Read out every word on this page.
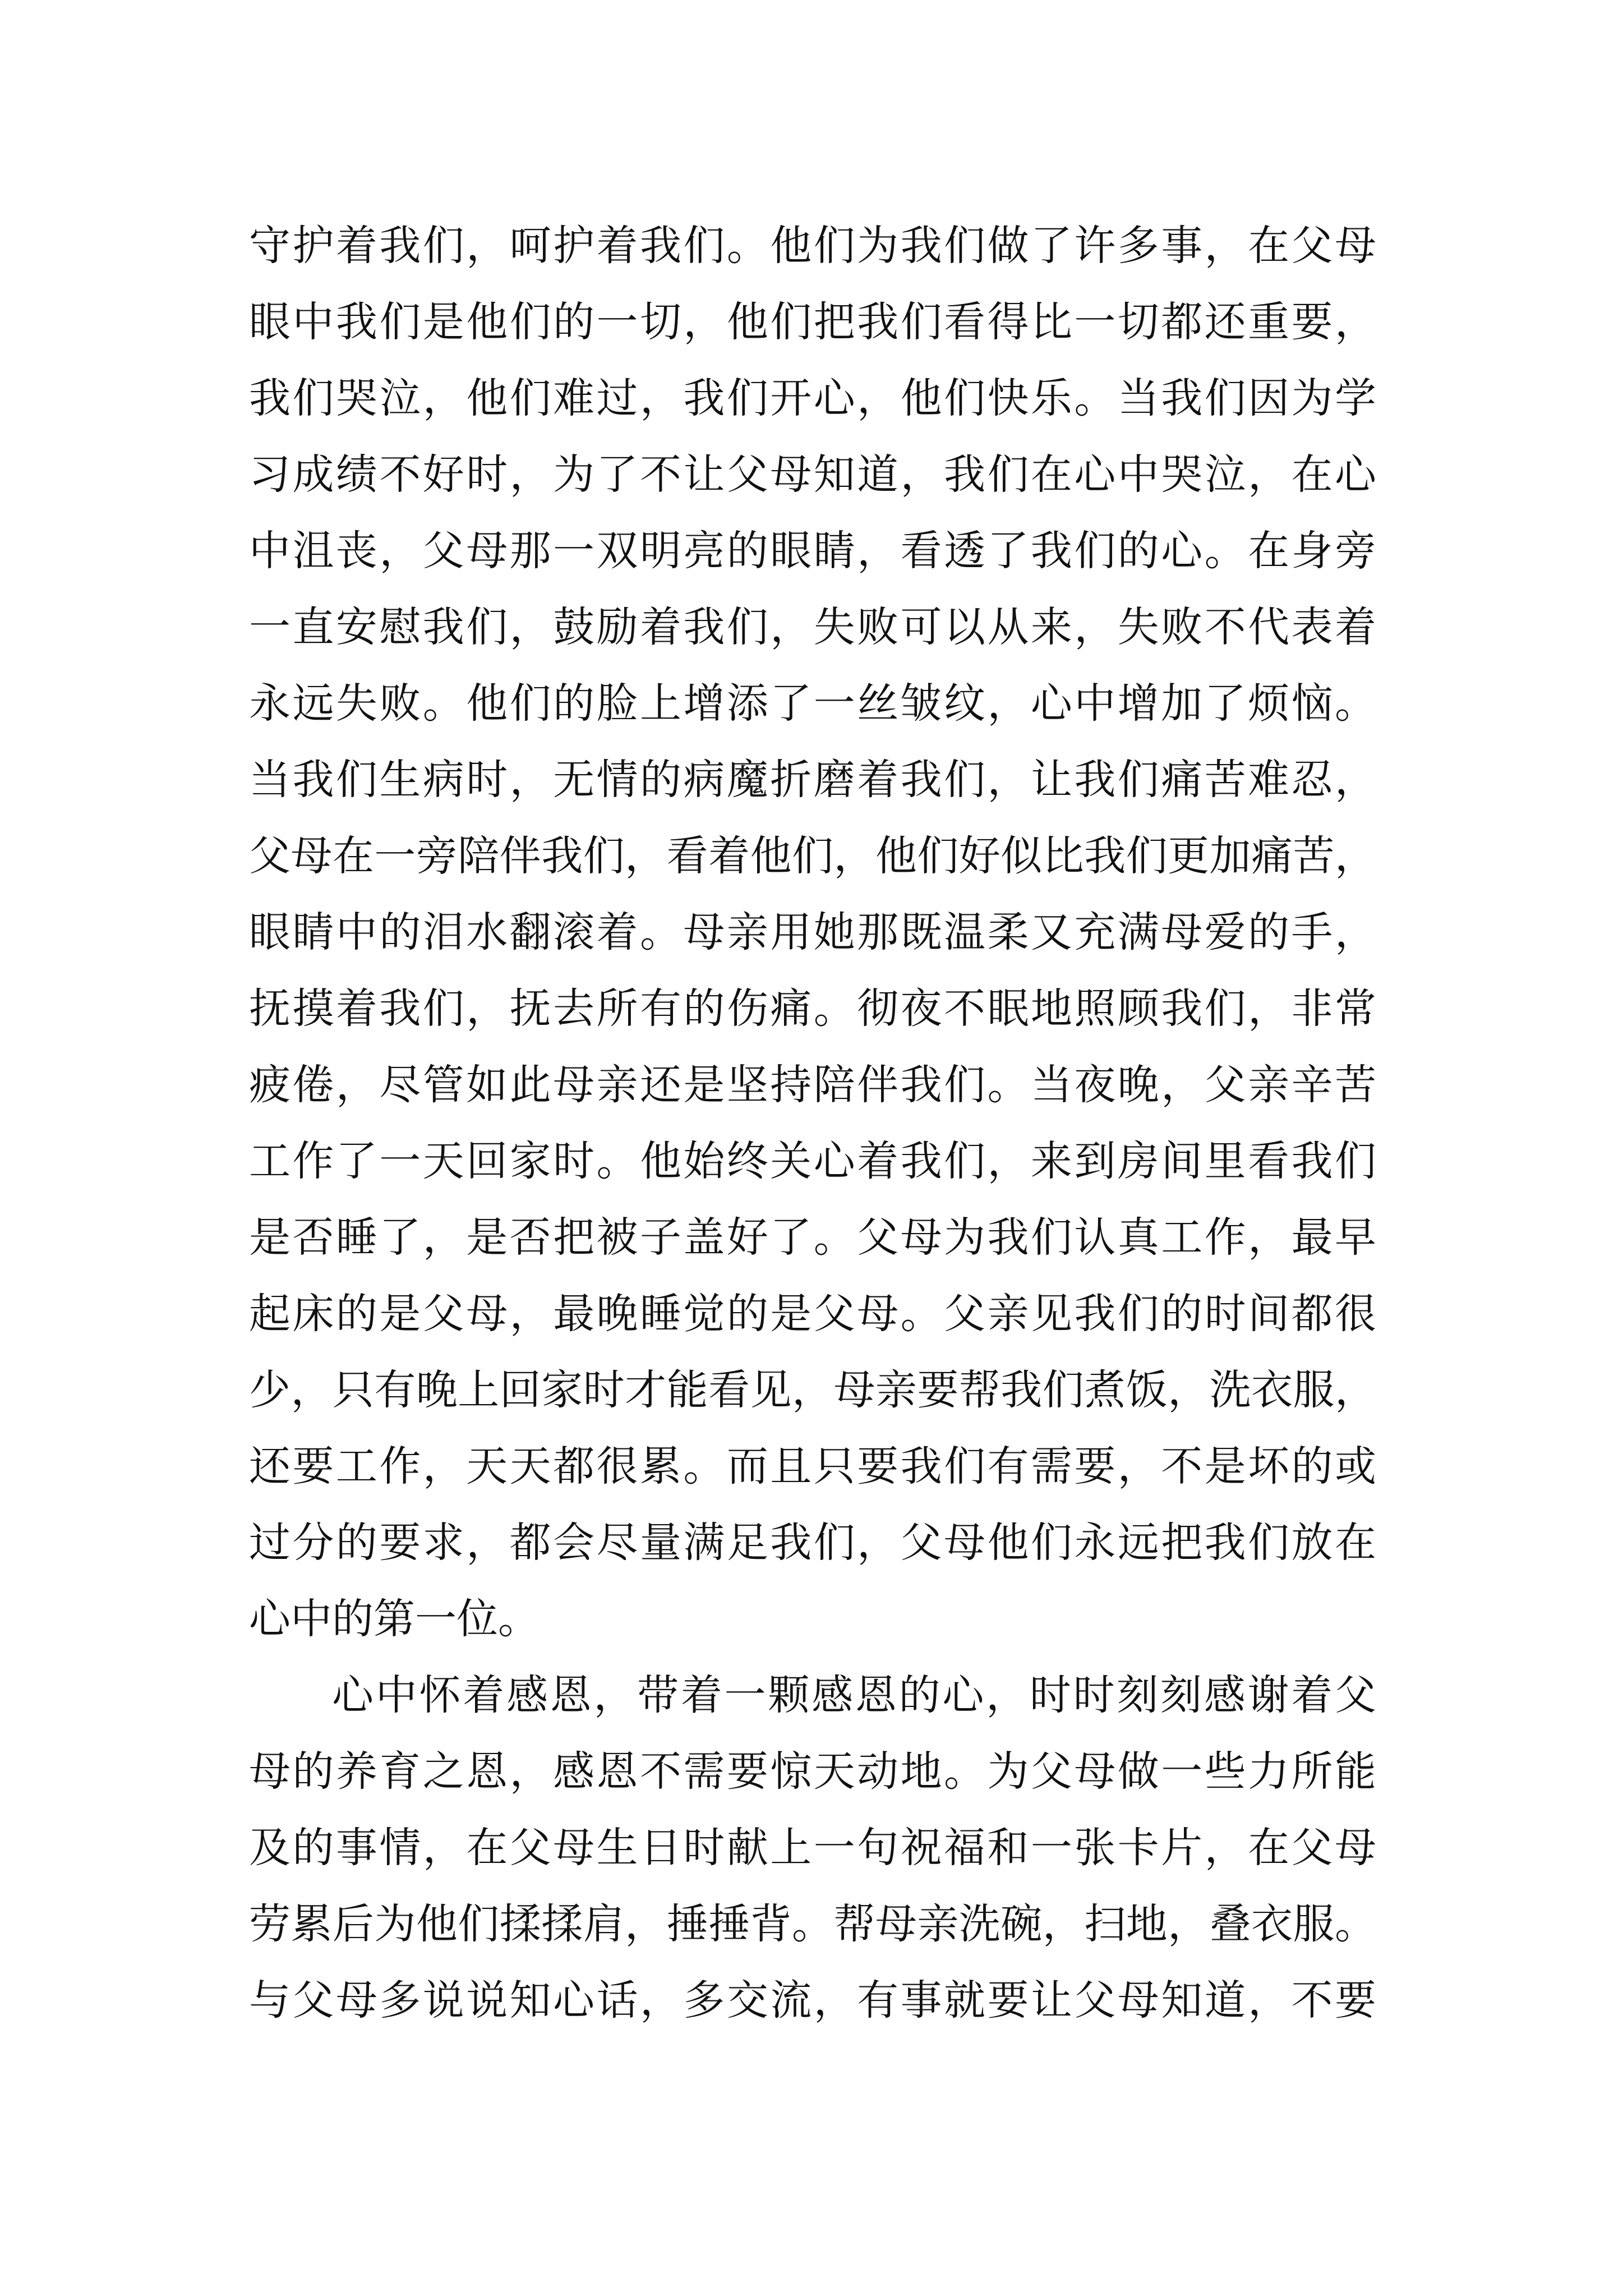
守护着我们，呵护着我们。他们为我们做了许多事，在父母
眼中我们是他们的一切，他们把我们看得比一切都还重要，
我们哭泣，他们难过，我们开心，他们快乐。当我们因为学
习成绩不好时，为了不让父母知道，我们在心中哭泣，在心
中沮丧，父母那一双明亮的眼睛，看透了我们的心。在身旁
一直安慰我们，鼓励着我们，失败可以从来，失败不代表着
永远失败。他们的脸上增添了一丝皱纹，心中增加了烦恼。
当我们生病时，无情的病魔折磨着我们，让我们痛苦难忍，
父母在一旁陪伴我们，看着他们，他们好似比我们更加痛苦，
眼睛中的泪水翻滚着。母亲用她那既温柔又充满母爱的手，
抚摸着我们，抚去所有的伤痛。彻夜不眠地照顾我们，非常
疲倦，尽管如此母亲还是坚持陪伴我们。当夜晚，父亲辛苦
工作了一天回家时。他始终关心着我们，来到房间里看我们
是否睡了，是否把被子盖好了。父母为我们认真工作，最早
起床的是父母，最晚睡觉的是父母。父亲见我们的时间都很
少，只有晚上回家时才能看见，母亲要帮我们煮饭，洗衣服，
还要工作，天天都很累。而且只要我们有需要，不是坏的或
过分的要求，都会尽量满足我们，父母他们永远把我们放在
心中的第一位。
心中怀着感恩，带着一颗感恩的心，时时刻刻感谢着父
母的养育之恩，感恩不需要惊天动地。为父母做一些力所能
及的事情，在父母生日时献上一句祝福和一张卡片，在父母
劳累后为他们揉揉肩，捶捶背。帮母亲洗碗，扫地，叠衣服。
与父母多说说知心话，多交流，有事就要让父母知道，不要
